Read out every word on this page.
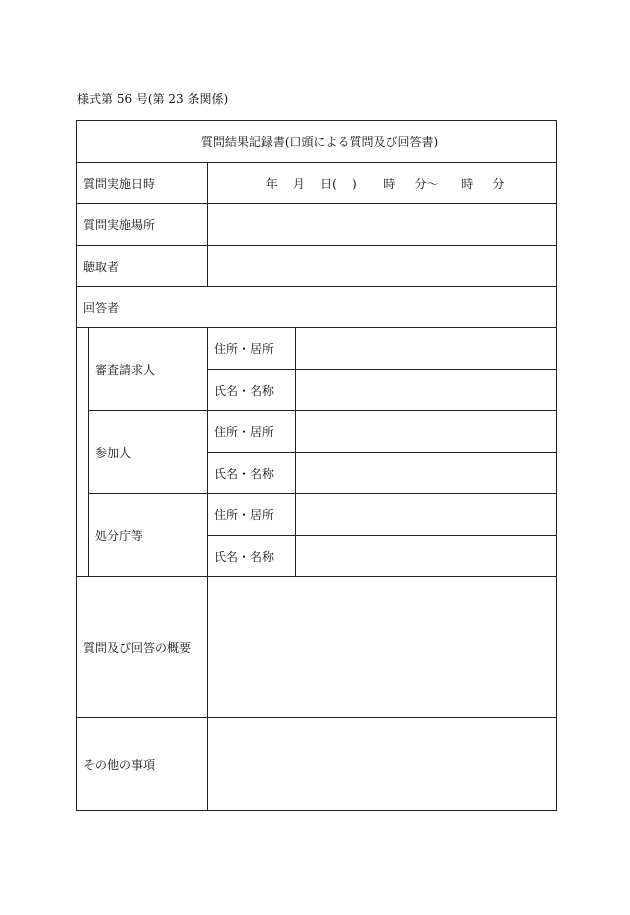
様式第 56 号(第 23 条関係)
質問結果記録書(口頭による質問及び回答書)			
質問実施日時		年    月    日(    )       時     分～      時     分	
質問実施場所			
聴取者			
回答者			
	審査請求人	住所・居所	
		氏名・名称	
	参加人	住所・居所	
		氏名・名称	
	処分庁等	住所・居所	
		氏名・名称	
質問及び回答の概要			
その他の事項			
